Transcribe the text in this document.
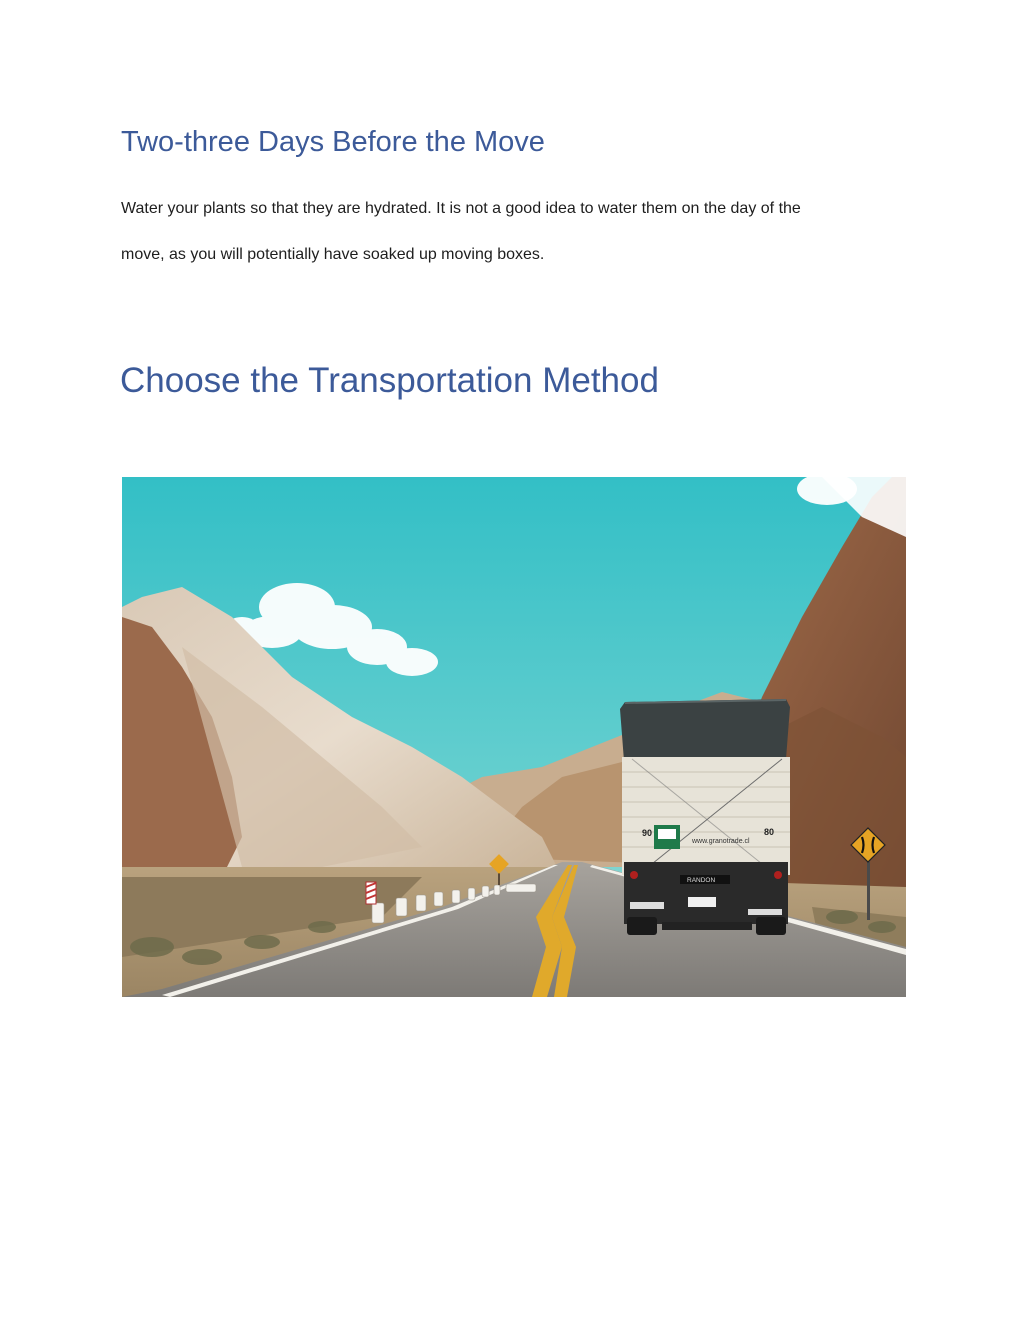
Two-three Days Before the Move

Water your plants so that they are hydrated. It is not a good idea to water them on the day of the

move, as you will potentially have soaked up moving boxes.

Choose the Transportation Method
90	80
www.granotrade.cl
RANDON
